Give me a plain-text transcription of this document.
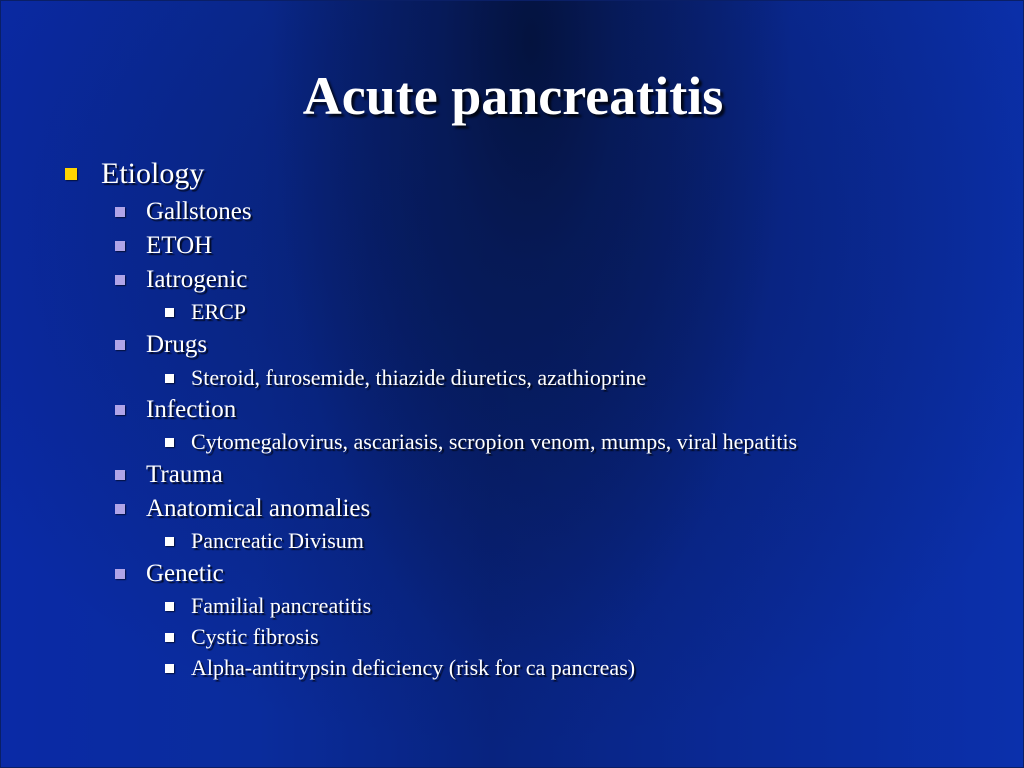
Acute pancreatitis
Etiology
Gallstones
ETOH
Iatrogenic
ERCP
Drugs
Steroid, furosemide, thiazide diuretics, azathioprine
Infection
Cytomegalovirus, ascariasis, scropion venom, mumps, viral hepatitis
Trauma
Anatomical anomalies
Pancreatic Divisum
Genetic
Familial pancreatitis
Cystic fibrosis
Alpha-antitrypsin deficiency (risk for ca pancreas)
